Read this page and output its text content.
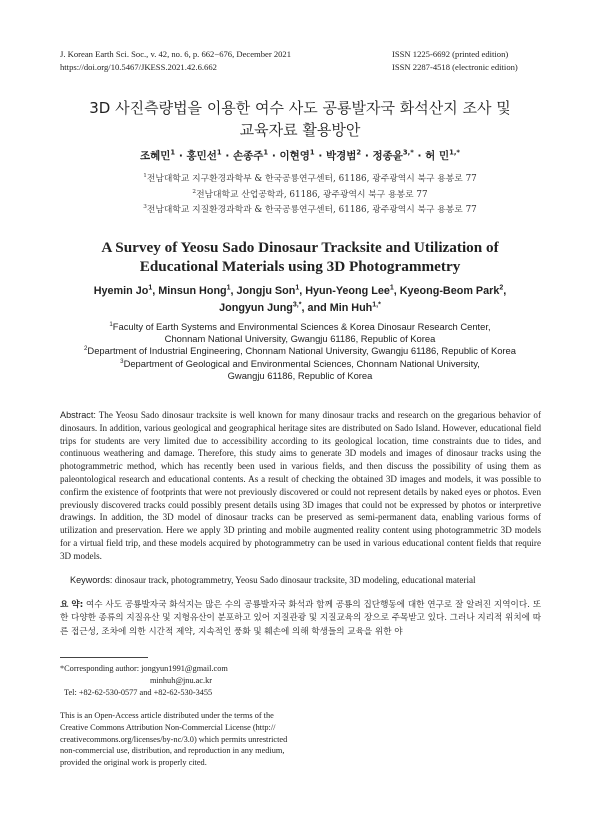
J. Korean Earth Sci. Soc., v. 42, no. 6, p. 662−676, December 2021
https://doi.org/10.5467/JKESS.2021.42.6.662
ISSN 1225-6692 (printed edition)
ISSN 2287-4518 (electronic edition)
3D 사진측량법을 이용한 여수 사도 공룡발자국 화석산지 조사 및
교육자료 활용방안
조혜민$^1$ · 홍민선$^1$ · 손종주$^1$ · 이현영$^1$ · 박경범$^2$ · 정종윤$^{3,*}$ · 허 민$^{1,*}$
$^1$전남대학교 지구환경과학부 & 한국공룡연구센터, 61186, 광주광역시 북구 용봉로 77
$^2$전남대학교 산업공학과, 61186, 광주광역시 북구 용봉로 77
$^3$전남대학교 지질환경과학과 & 한국공룡연구센터, 61186, 광주광역시 북구 용봉로 77
A Survey of Yeosu Sado Dinosaur Tracksite and Utilization of
Educational Materials using 3D Photogrammetry
Hyemin Jo$^1$, Minsun Hong$^1$, Jongju Son$^1$, Hyun-Yeong Lee$^1$, Kyeong-Beom Park$^2$,
Jongyun Jung$^{3,*}$, and Min Huh$^{1,*}$
$^1$Faculty of Earth Systems and Environmental Sciences & Korea Dinosaur Research Center,
Chonnam National University, Gwangju 61186, Republic of Korea
$^2$Department of Industrial Engineering, Chonnam National University, Gwangju 61186, Republic of Korea
$^3$Department of Geological and Environmental Sciences, Chonnam National University,
Gwangju 61186, Republic of Korea
Abstract: The Yeosu Sado dinosaur tracksite is well known for many dinosaur tracks and research on the gregarious behavior of dinosaurs. In addition, various geological and geographical heritage sites are distributed on Sado Island. However, educational field trips for students are very limited due to accessibility according to its geological location, time constraints due to tides, and continuous weathering and damage. Therefore, this study aims to generate 3D models and images of dinosaur tracks using the photogrammetric method, which has recently been used in various fields, and then discuss the possibility of using them as paleontological research and educational contents. As a result of checking the obtained 3D images and models, it was possible to confirm the existence of footprints that were not previously discovered or could not represent details by naked eyes or photos. Even previously discovered tracks could possibly present details using 3D images that could not be expressed by photos or interpretive drawings. In addition, the 3D model of dinosaur tracks can be preserved as semi-permanent data, enabling various forms of utilization and preservation. Here we apply 3D printing and mobile augmented reality content using photogrammetric 3D models for a virtual field trip, and these models acquired by photogrammetry can be used in various educational content fields that require 3D models.
Keywords: dinosaur track, photogrammetry, Yeosu Sado dinosaur tracksite, 3D modeling, educational material
요 약: 여수 사도 공룡발자국 화석지는 많은 수의 공룡발자국 화석과 함께 공룡의 집단행동에 대한 연구로 잘 알려진 지역이다. 또한 다양한 종류의 지질유산 및 지형유산이 분포하고 있어 지질관광 및 지질교육의 장으로 주목받고 있다. 그러나 지리적 위치에 따른 접근성, 조차에 의한 시간적 제약, 지속적인 풍화 및 훼손에 의해 학생들의 교육을 위한 야
*Corresponding author: jongyun1991@gmail.com
minhuh@jnu.ac.kr
Tel: +82-62-530-0577 and +82-62-530-3455
This is an Open-Access article distributed under the terms of the
Creative Commons Attribution Non-Commercial License (http://
creativecommons.org/licenses/by-nc/3.0) which permits unrestricted
non-commercial use, distribution, and reproduction in any medium,
provided the original work is properly cited.
